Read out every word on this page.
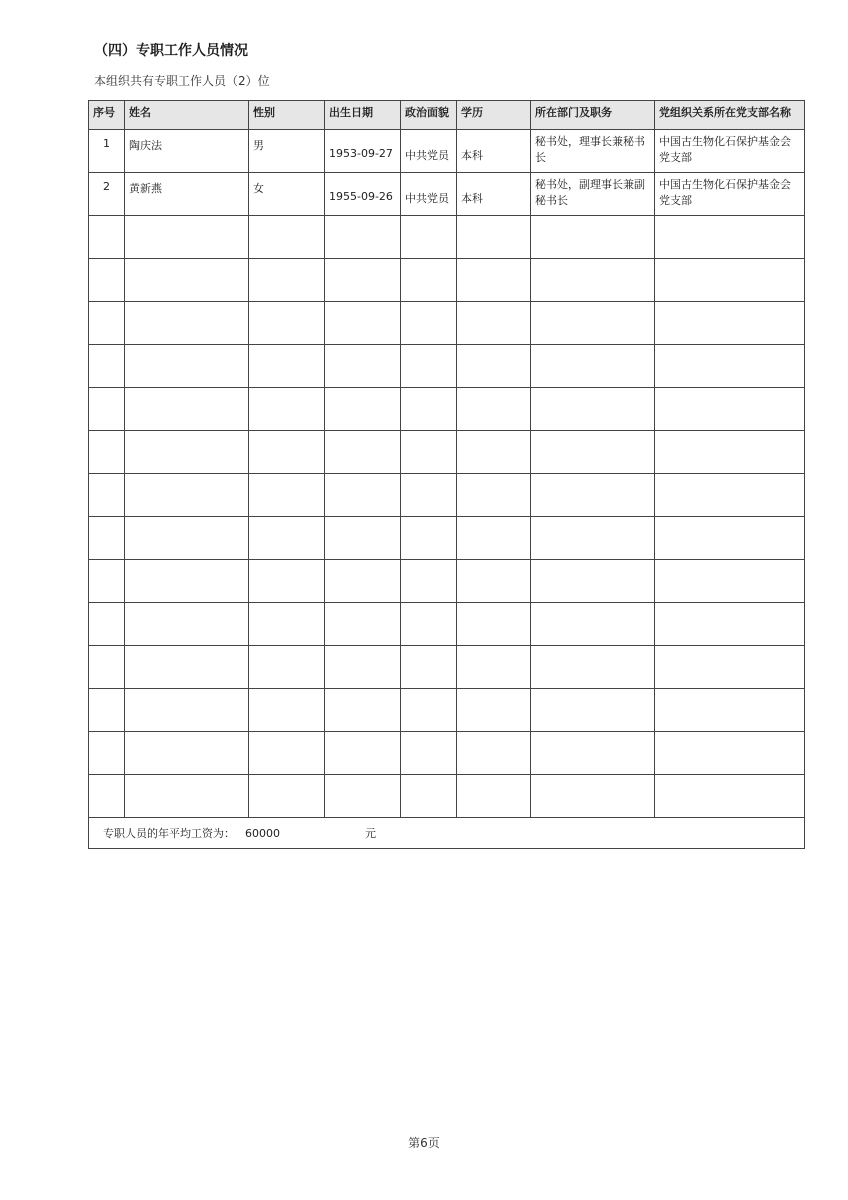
（四）专职工作人员情况
本组织共有专职工作人员（2）位
序号	姓名	性别	出生日期	政治面貌	学历	所在部门及职务	党组织关系所在党支部名称
1	陶庆法	男	1953-09-27	中共党员	本科	秘书处，理事长兼秘书长	中国古生物化石保护基金会党支部
2	黄新燕	女	1955-09-26	中共党员	本科	秘书处，副理事长兼副秘书长	中国古生物化石保护基金会党支部

专职人员的年平均工资为： 60000 元							
第6页
